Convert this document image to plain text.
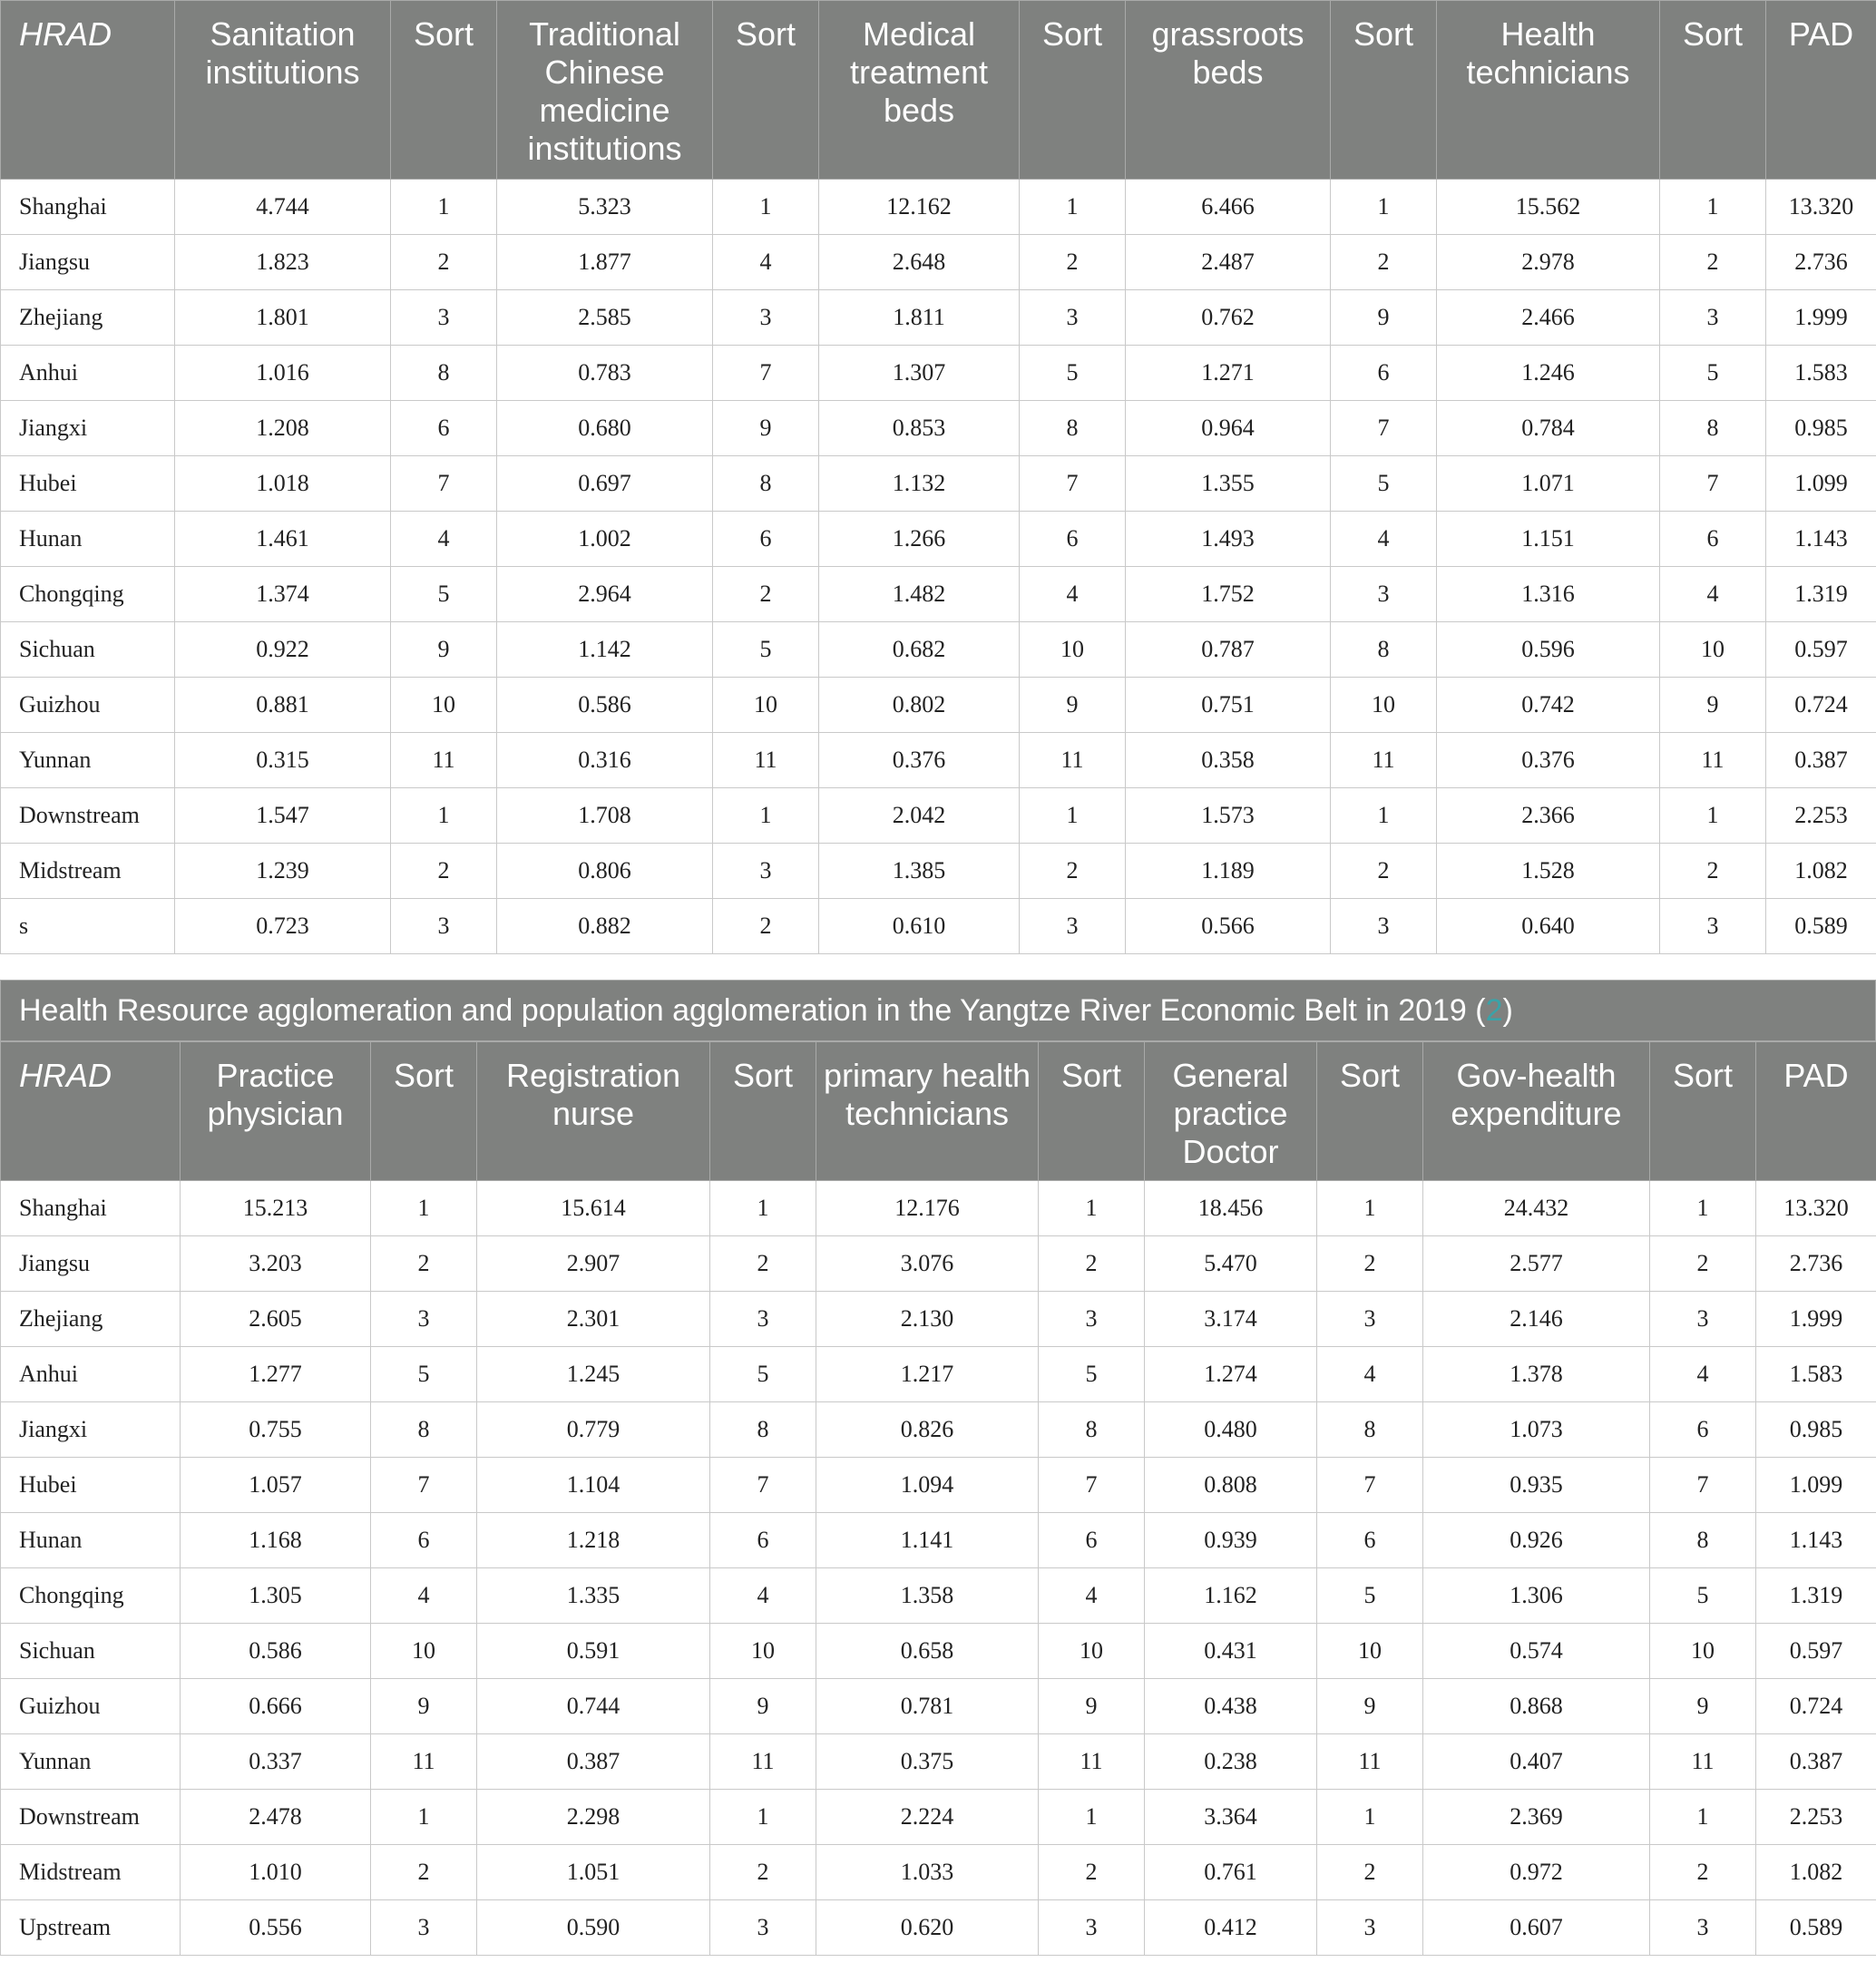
HRAD	Sanitation institutions	Sort	Traditional Chinese medicine institutions	Sort	Medical treatment beds	Sort	grassroots beds	Sort	Health technicians	Sort	PAD
Shanghai	4.744	1	5.323	1	12.162	1	6.466	1	15.562	1	13.320
Jiangsu	1.823	2	1.877	4	2.648	2	2.487	2	2.978	2	2.736
Zhejiang	1.801	3	2.585	3	1.811	3	0.762	9	2.466	3	1.999
Anhui	1.016	8	0.783	7	1.307	5	1.271	6	1.246	5	1.583
Jiangxi	1.208	6	0.680	9	0.853	8	0.964	7	0.784	8	0.985
Hubei	1.018	7	0.697	8	1.132	7	1.355	5	1.071	7	1.099
Hunan	1.461	4	1.002	6	1.266	6	1.493	4	1.151	6	1.143
Chongqing	1.374	5	2.964	2	1.482	4	1.752	3	1.316	4	1.319
Sichuan	0.922	9	1.142	5	0.682	10	0.787	8	0.596	10	0.597
Guizhou	0.881	10	0.586	10	0.802	9	0.751	10	0.742	9	0.724
Yunnan	0.315	11	0.316	11	0.376	11	0.358	11	0.376	11	0.387
Downstream	1.547	1	1.708	1	2.042	1	1.573	1	2.366	1	2.253
Midstream	1.239	2	0.806	3	1.385	2	1.189	2	1.528	2	1.082
s	0.723	3	0.882	2	0.610	3	0.566	3	0.640	3	0.589
Health Resource agglomeration and population agglomeration in the Yangtze River Economic Belt in 2019 (2)
HRAD	Practice physician	Sort	Registration nurse	Sort	primary health technicians	Sort	General practice Doctor	Sort	Gov-health expenditure	Sort	PAD
Shanghai	15.213	1	15.614	1	12.176	1	18.456	1	24.432	1	13.320
Jiangsu	3.203	2	2.907	2	3.076	2	5.470	2	2.577	2	2.736
Zhejiang	2.605	3	2.301	3	2.130	3	3.174	3	2.146	3	1.999
Anhui	1.277	5	1.245	5	1.217	5	1.274	4	1.378	4	1.583
Jiangxi	0.755	8	0.779	8	0.826	8	0.480	8	1.073	6	0.985
Hubei	1.057	7	1.104	7	1.094	7	0.808	7	0.935	7	1.099
Hunan	1.168	6	1.218	6	1.141	6	0.939	6	0.926	8	1.143
Chongqing	1.305	4	1.335	4	1.358	4	1.162	5	1.306	5	1.319
Sichuan	0.586	10	0.591	10	0.658	10	0.431	10	0.574	10	0.597
Guizhou	0.666	9	0.744	9	0.781	9	0.438	9	0.868	9	0.724
Yunnan	0.337	11	0.387	11	0.375	11	0.238	11	0.407	11	0.387
Downstream	2.478	1	2.298	1	2.224	1	3.364	1	2.369	1	2.253
Midstream	1.010	2	1.051	2	1.033	2	0.761	2	0.972	2	1.082
Upstream	0.556	3	0.590	3	0.620	3	0.412	3	0.607	3	0.589
